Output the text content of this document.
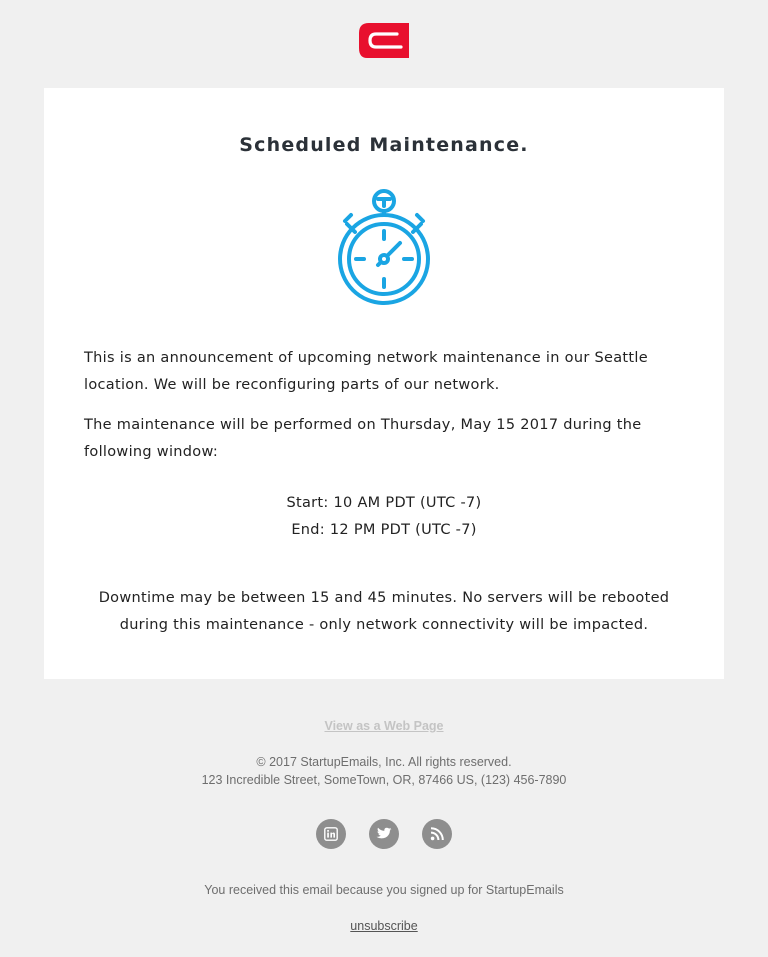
Scheduled Maintenance.
This is an announcement of upcoming network maintenance in our Seattle location. We will be reconfiguring parts of our network.
The maintenance will be performed on Thursday, May 15 2017 during the following window:
Start: 10 AM PDT (UTC -7)
End: 12 PM PDT (UTC -7)
Downtime may be between 15 and 45 minutes. No servers will be rebooted during this maintenance - only network connectivity will be impacted.
View as a Web Page
© 2017 StartupEmails, Inc. All rights reserved.
123 Incredible Street, SomeTown, OR, 87466 US, (123) 456-7890
You received this email because you signed up for StartupEmails
unsubscribe
